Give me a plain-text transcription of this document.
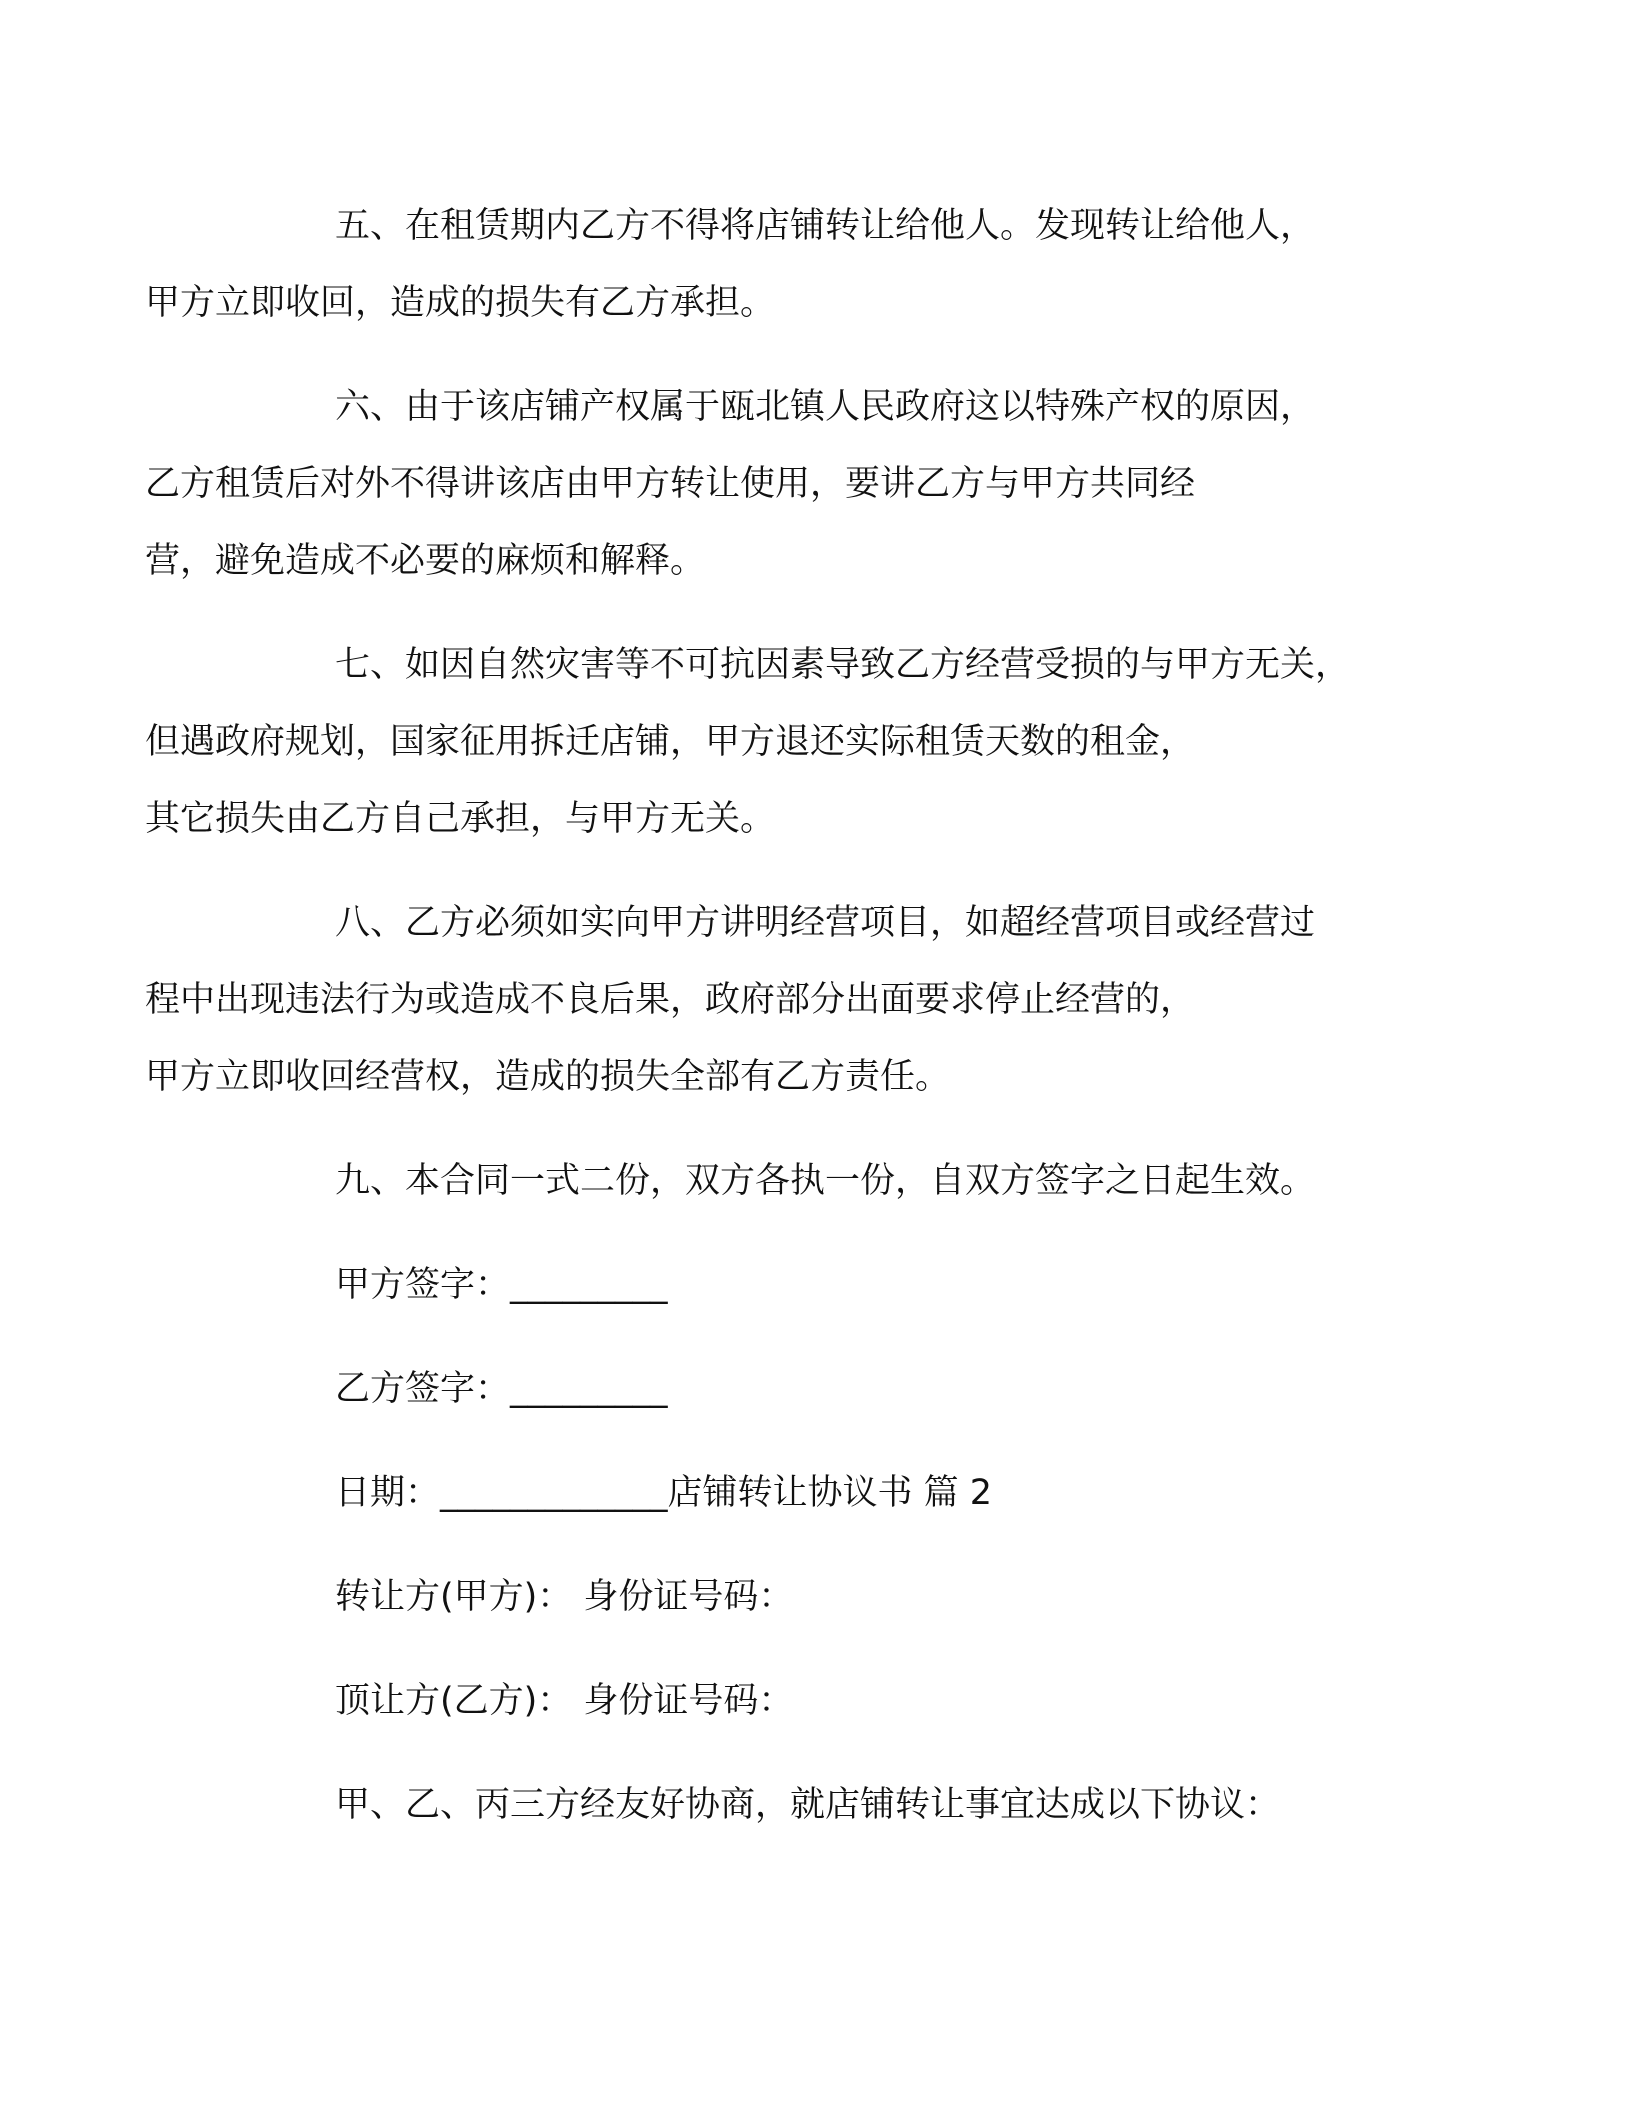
五、在租赁期内乙方不得将店铺转让给他人。发现转让给他人，
甲方立即收回，造成的损失有乙方承担。
六、由于该店铺产权属于瓯北镇人民政府这以特殊产权的原因，
乙方租赁后对外不得讲该店由甲方转让使用，要讲乙方与甲方共同经
营，避免造成不必要的麻烦和解释。
七、如因自然灾害等不可抗因素导致乙方经营受损的与甲方无关，
但遇政府规划，国家征用拆迁店铺，甲方退还实际租赁天数的租金，
其它损失由乙方自己承担，与甲方无关。
八、乙方必须如实向甲方讲明经营项目，如超经营项目或经营过
程中出现违法行为或造成不良后果，政府部分出面要求停止经营的，
甲方立即收回经营权，造成的损失全部有乙方责任。
九、本合同一式二份，双方各执一份，自双方签字之日起生效。
甲方签字：_________
乙方签字：_________
日期：_____________店铺转让协议书 篇 2
转让方(甲方)： 身份证号码：
顶让方(乙方)： 身份证号码：
甲、乙、丙三方经友好协商，就店铺转让事宜达成以下协议：
